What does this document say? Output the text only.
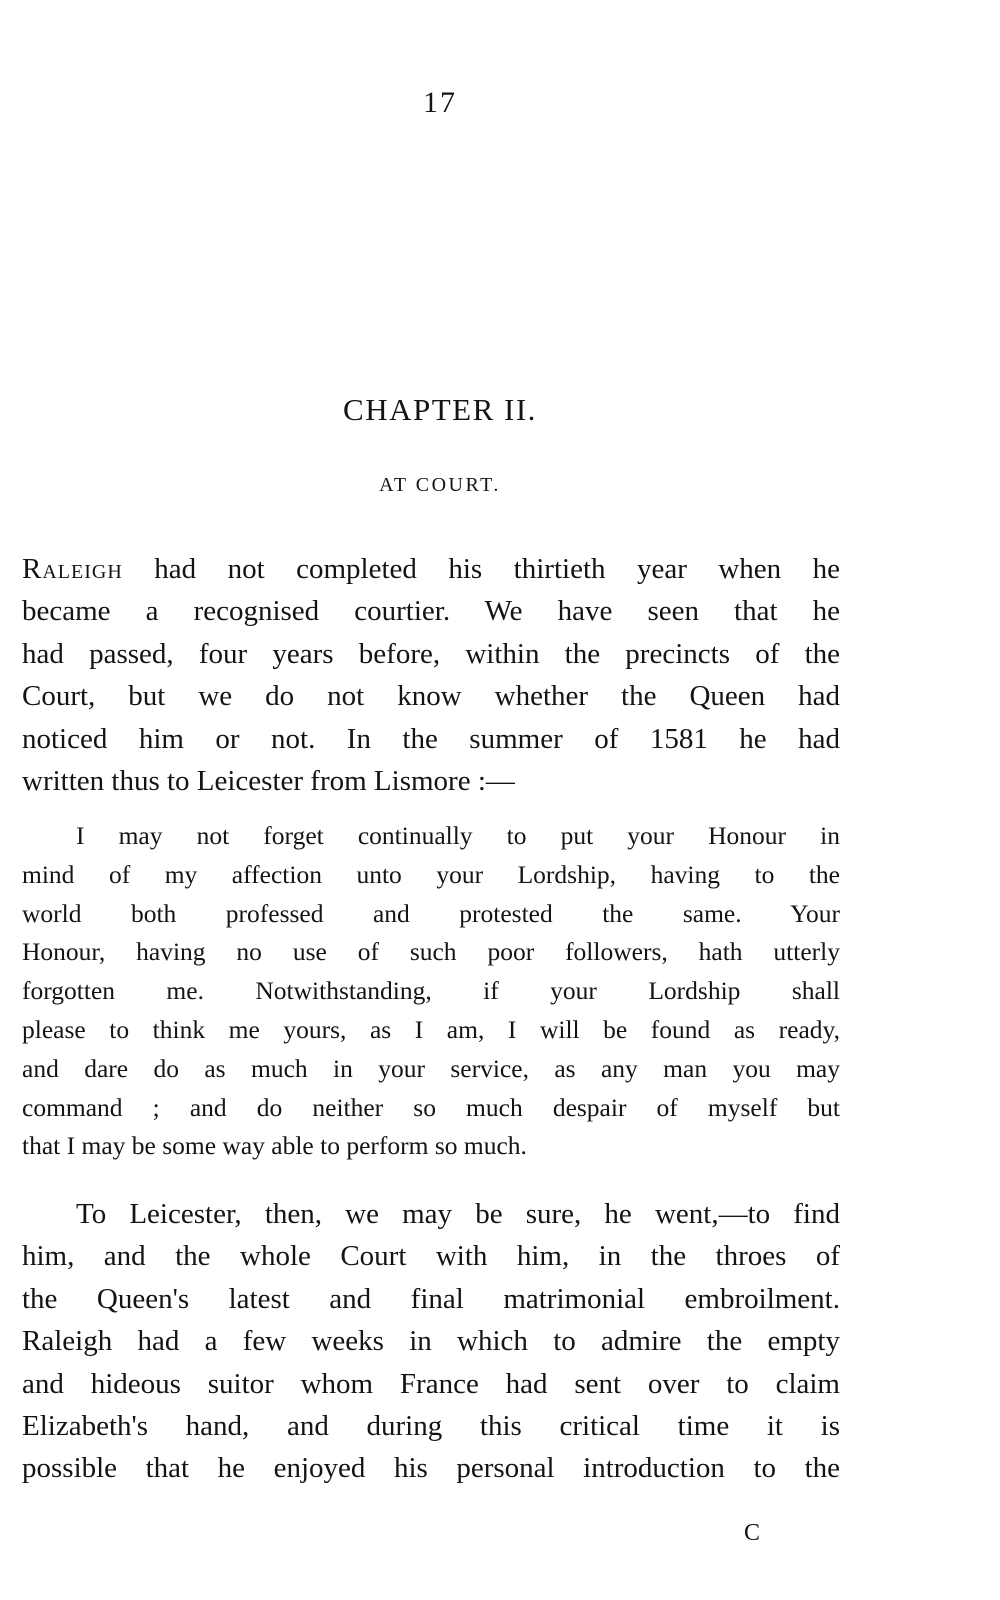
17
CHAPTER II.
AT COURT.
Raleigh had not completed his thirtieth year when he
became a recognised courtier. We have seen that he
had passed, four years before, within the precincts of the
Court, but we do not know whether the Queen had
noticed him or not. In the summer of 1581 he had
written thus to Leicester from Lismore :—
I may not forget continually to put your Honour in
mind of my affection unto your Lordship, having to the
world both professed and protested the same. Your
Honour, having no use of such poor followers, hath utterly
forgotten me. Notwithstanding, if your Lordship shall
please to think me yours, as I am, I will be found as ready,
and dare do as much in your service, as any man you may
command ; and do neither so much despair of myself but
that I may be some way able to perform so much.
To Leicester, then, we may be sure, he went,—to find
him, and the whole Court with him, in the throes of
the Queen's latest and final matrimonial embroilment.
Raleigh had a few weeks in which to admire the empty
and hideous suitor whom France had sent over to claim
Elizabeth's hand, and during this critical time it is
possible that he enjoyed his personal introduction to the
C
